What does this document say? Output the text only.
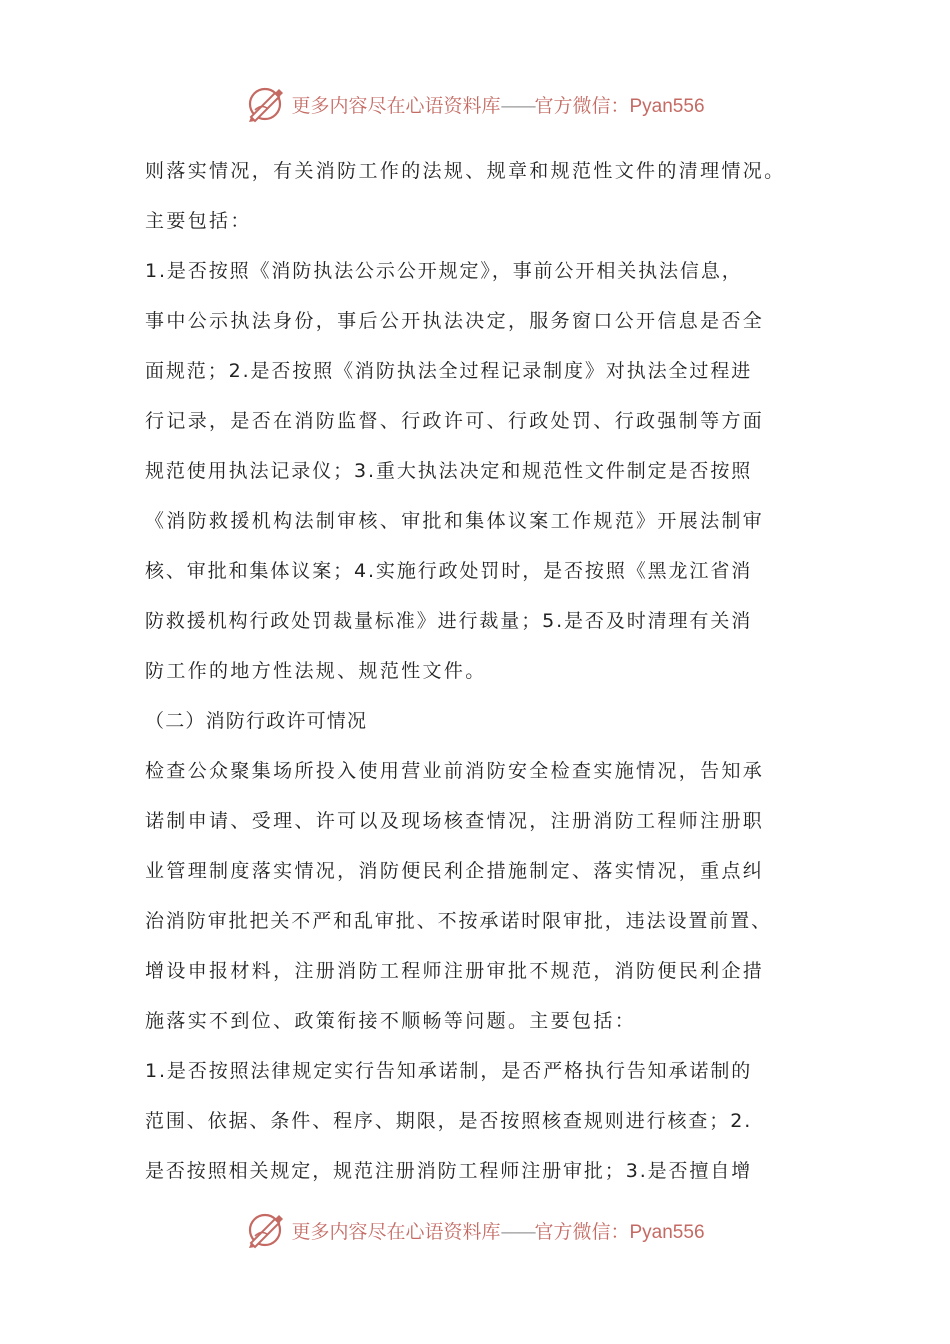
更多内容尽在心语资料库——官方微信：Pyan556
则落实情况，有关消防工作的法规、规章和规范性文件的清理情况。
主要包括：
1.是否按照《消防执法公示公开规定》，事前公开相关执法信息，
事中公示执法身份，事后公开执法决定，服务窗口公开信息是否全
面规范；2.是否按照《消防执法全过程记录制度》对执法全过程进
行记录，是否在消防监督、行政许可、行政处罚、行政强制等方面
规范使用执法记录仪；3.重大执法决定和规范性文件制定是否按照
《消防救援机构法制审核、审批和集体议案工作规范》开展法制审
核、审批和集体议案；4.实施行政处罚时，是否按照《黑龙江省消
防救援机构行政处罚裁量标准》进行裁量；5.是否及时清理有关消
防工作的地方性法规、规范性文件。
（二）消防行政许可情况
检查公众聚集场所投入使用营业前消防安全检查实施情况，告知承
诺制申请、受理、许可以及现场核查情况，注册消防工程师注册职
业管理制度落实情况，消防便民利企措施制定、落实情况，重点纠
治消防审批把关不严和乱审批、不按承诺时限审批，违法设置前置、
增设申报材料，注册消防工程师注册审批不规范，消防便民利企措
施落实不到位、政策衔接不顺畅等问题。主要包括：
1.是否按照法律规定实行告知承诺制，是否严格执行告知承诺制的
范围、依据、条件、程序、期限，是否按照核查规则进行核查；2.
是否按照相关规定，规范注册消防工程师注册审批；3.是否擅自增
更多内容尽在心语资料库——官方微信：Pyan556
